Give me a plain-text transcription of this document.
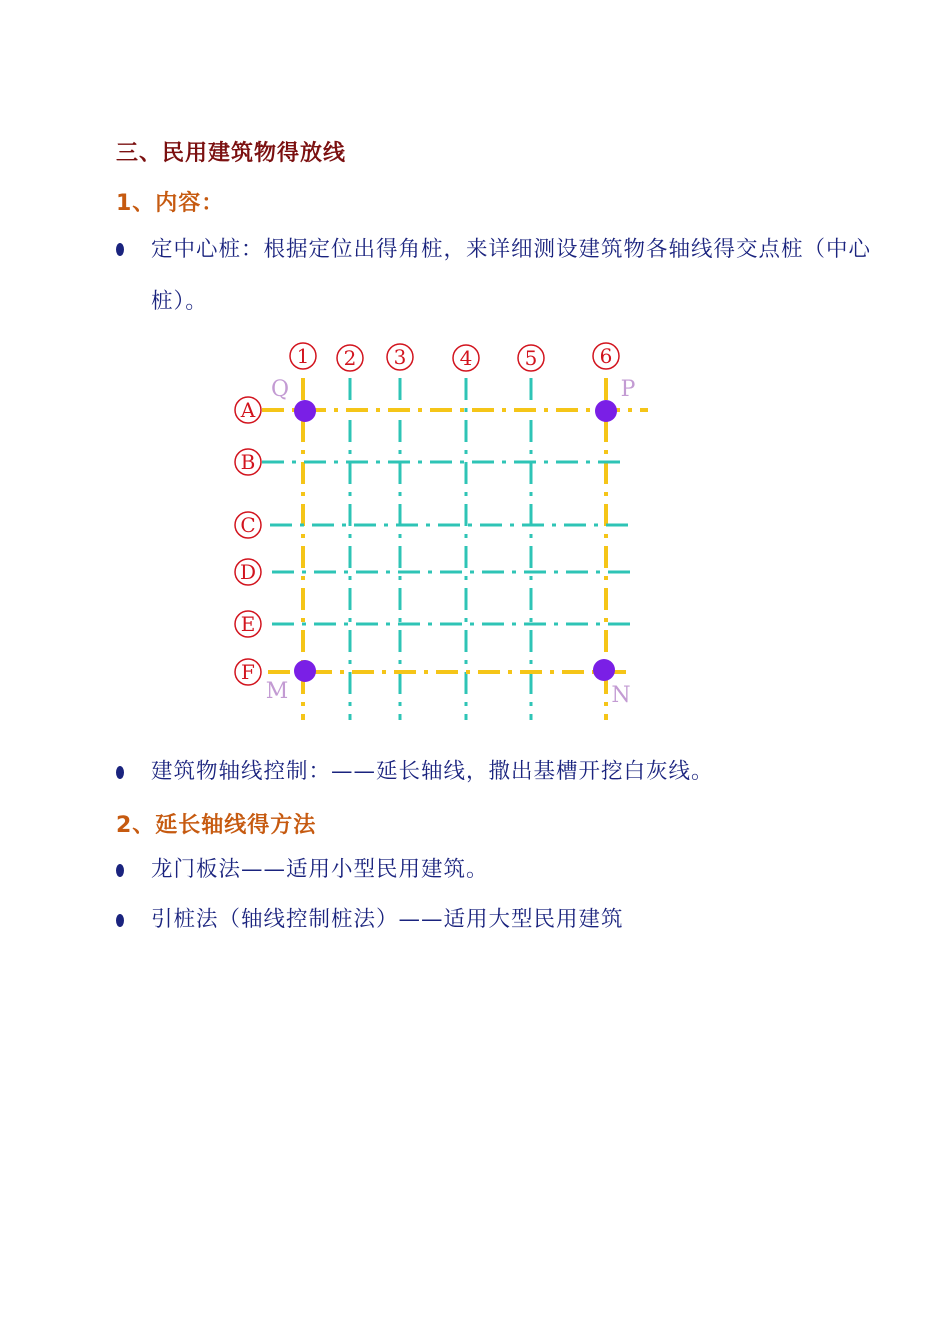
三、民用建筑物得放线
1、内容：
定中心桩：根据定位出得角桩，来详细测设建筑物各轴线得交点桩（中心桩）。
1 2 3	4	5	6
A
B
C
D
E
F
Q	P
M	N
建筑物轴线控制：——延长轴线，撒出基槽开挖白灰线。
2、延长轴线得方法
龙门板法——适用小型民用建筑。
引桩法（轴线控制桩法）——适用大型民用建筑
